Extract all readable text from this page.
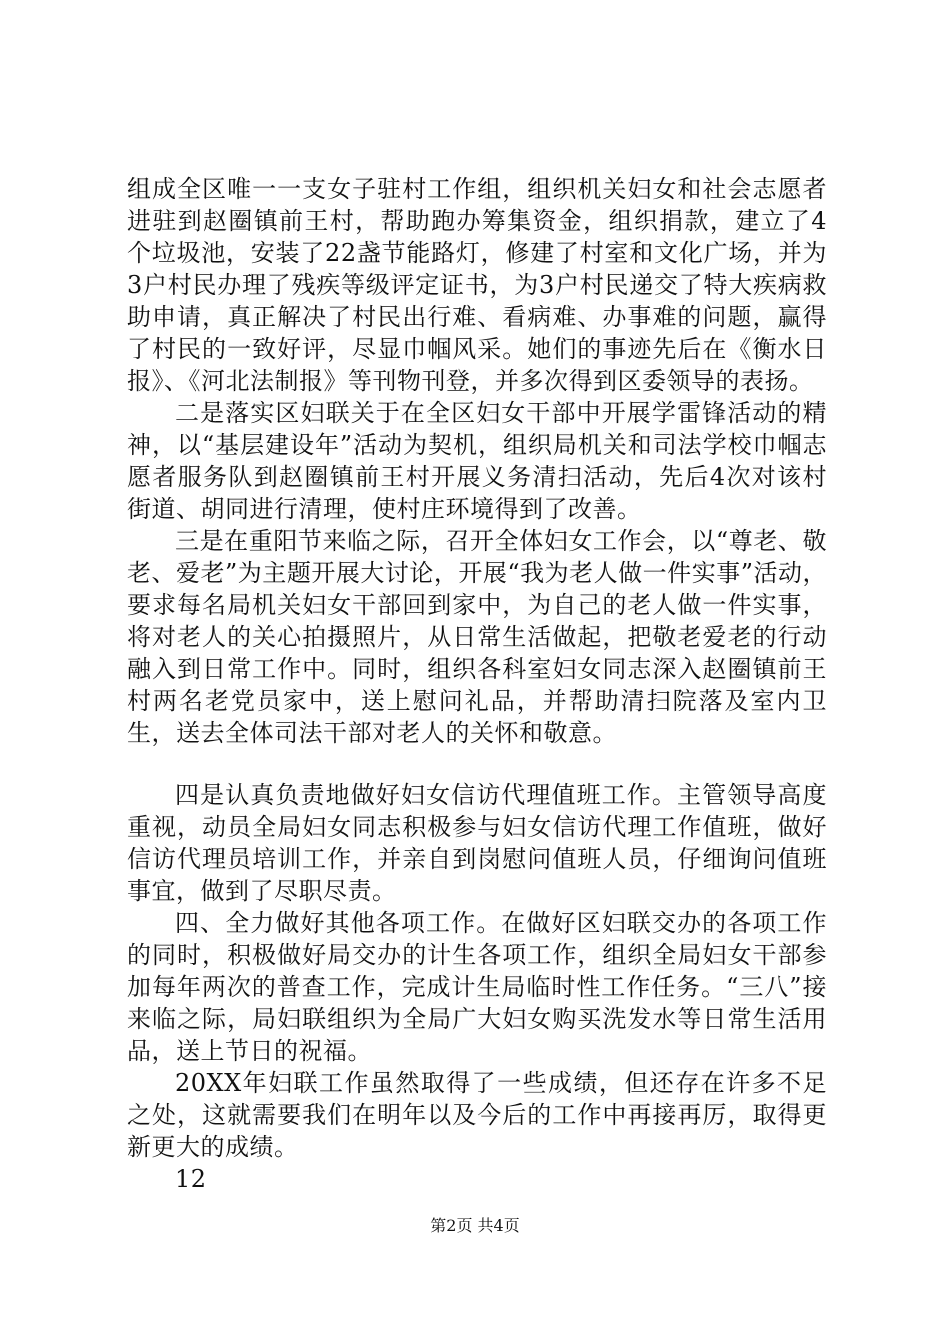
组成全区唯一一支女子驻村工作组，组织机关妇女和社会志愿者进驻到赵圈镇前王村，帮助跑办筹集资金，组织捐款，建立了4个垃圾池，安装了22盏节能路灯，修建了村室和文化广场，并为3户村民办理了残疾等级评定证书，为3户村民递交了特大疾病救助申请，真正解决了村民出行难、看病难、办事难的问题，赢得了村民的一致好评，尽显巾帼风采。她们的事迹先后在《衡水日报》、《河北法制报》等刊物刊登，并多次得到区委领导的表扬。

二是落实区妇联关于在全区妇女干部中开展学雷锋活动的精神，以“基层建设年”活动为契机，组织局机关和司法学校巾帼志愿者服务队到赵圈镇前王村开展义务清扫活动，先后4次对该村街道、胡同进行清理，使村庄环境得到了改善。

三是在重阳节来临之际，召开全体妇女工作会，以“尊老、敬老、爱老”为主题开展大讨论，开展“我为老人做一件实事”活动，要求每名局机关妇女干部回到家中，为自己的老人做一件实事，将对老人的关心拍摄照片，从日常生活做起，把敬老爱老的行动融入到日常工作中。同时，组织各科室妇女同志深入赵圈镇前王村两名老党员家中，送上慰问礼品，并帮助清扫院落及室内卫生，送去全体司法干部对老人的关怀和敬意。

四是认真负责地做好妇女信访代理值班工作。主管领导高度重视，动员全局妇女同志积极参与妇女信访代理工作值班，做好信访代理员培训工作，并亲自到岗慰问值班人员，仔细询问值班事宜，做到了尽职尽责。

四、全力做好其他各项工作。在做好区妇联交办的各项工作的同时，积极做好局交办的计生各项工作，组织全局妇女干部参加每年两次的普查工作，完成计生局临时性工作任务。“三八”接来临之际，局妇联组织为全局广大妇女购买洗发水等日常生活用品，送上节日的祝福。

20XX年妇联工作虽然取得了一些成绩，但还存在许多不足之处，这就需要我们在明年以及今后的工作中再接再厉，取得更新更大的成绩。

12

第2页 共4页
